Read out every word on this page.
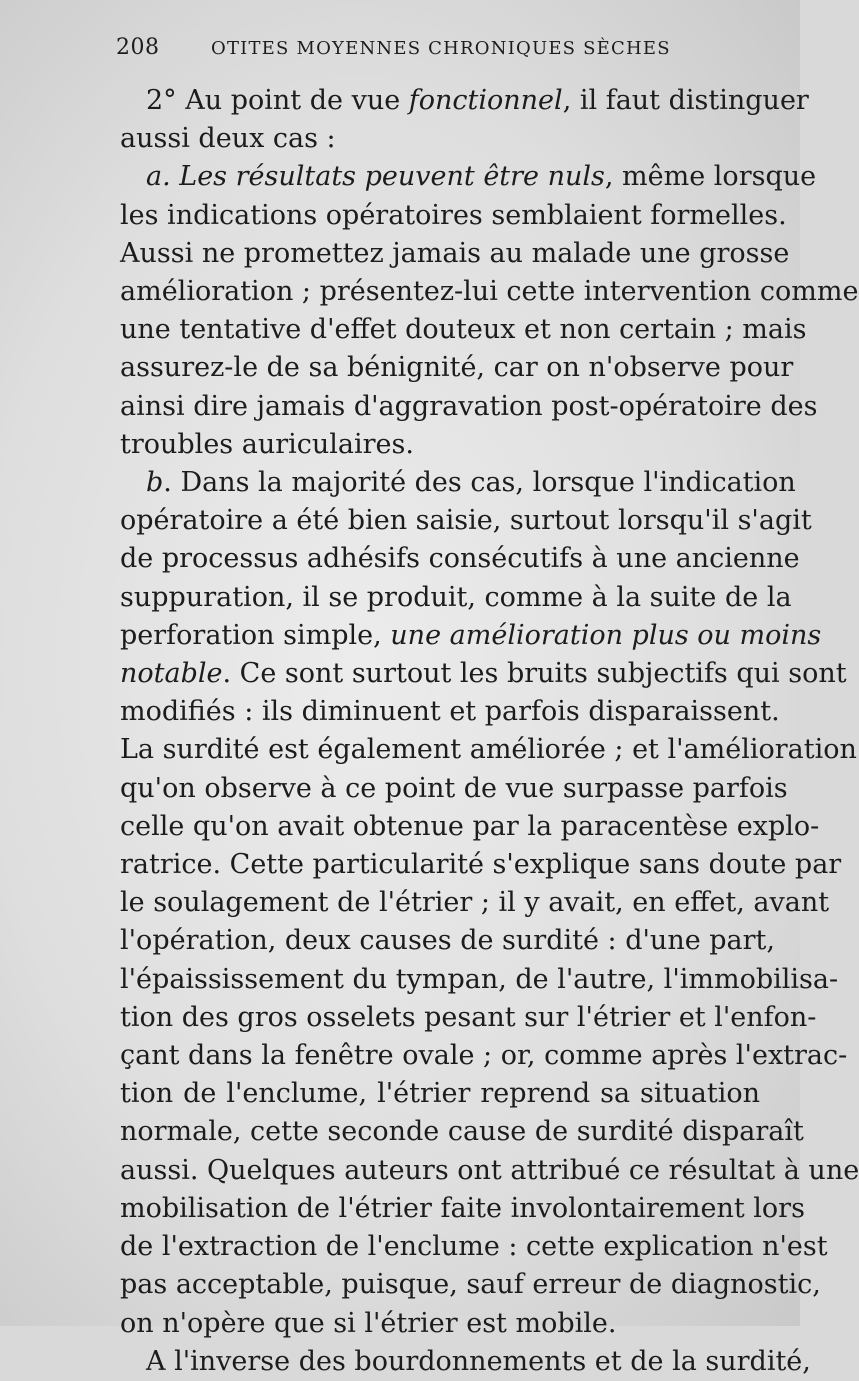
208	OTITES MOYENNES CHRONIQUES SÈCHES
2° Au point de vue fonctionnel, il faut distinguer
aussi deux cas :
a. Les résultats peuvent être nuls, même lorsque
les indications opératoires semblaient formelles.
Aussi ne promettez jamais au malade une grosse
amélioration ; présentez-lui cette intervention comme
une tentative d'effet douteux et non certain ; mais
assurez-le de sa bénignité, car on n'observe pour
ainsi dire jamais d'aggravation post-opératoire des
troubles auriculaires.
b. Dans la majorité des cas, lorsque l'indication
opératoire a été bien saisie, surtout lorsqu'il s'agit
de processus adhésifs consécutifs à une ancienne
suppuration, il se produit, comme à la suite de la
perforation simple, une amélioration plus ou moins
notable. Ce sont surtout les bruits subjectifs qui sont
modifiés : ils diminuent et parfois disparaissent.
La surdité est également améliorée ; et l'amélioration
qu'on observe à ce point de vue surpasse parfois
celle qu'on avait obtenue par la paracentèse explo-
ratrice. Cette particularité s'explique sans doute par
le soulagement de l'étrier ; il y avait, en effet, avant
l'opération, deux causes de surdité : d'une part,
l'épaississement du tympan, de l'autre, l'immobilisa-
tion des gros osselets pesant sur l'étrier et l'enfon-
çant dans la fenêtre ovale ; or, comme après l'extrac-
tion de l'enclume, l'étrier reprend sa situation
normale, cette seconde cause de surdité disparaît
aussi. Quelques auteurs ont attribué ce résultat à une
mobilisation de l'étrier faite involontairement lors
de l'extraction de l'enclume : cette explication n'est
pas acceptable, puisque, sauf erreur de diagnostic,
on n'opère que si l'étrier est mobile.
A l'inverse des bourdonnements et de la surdité,
